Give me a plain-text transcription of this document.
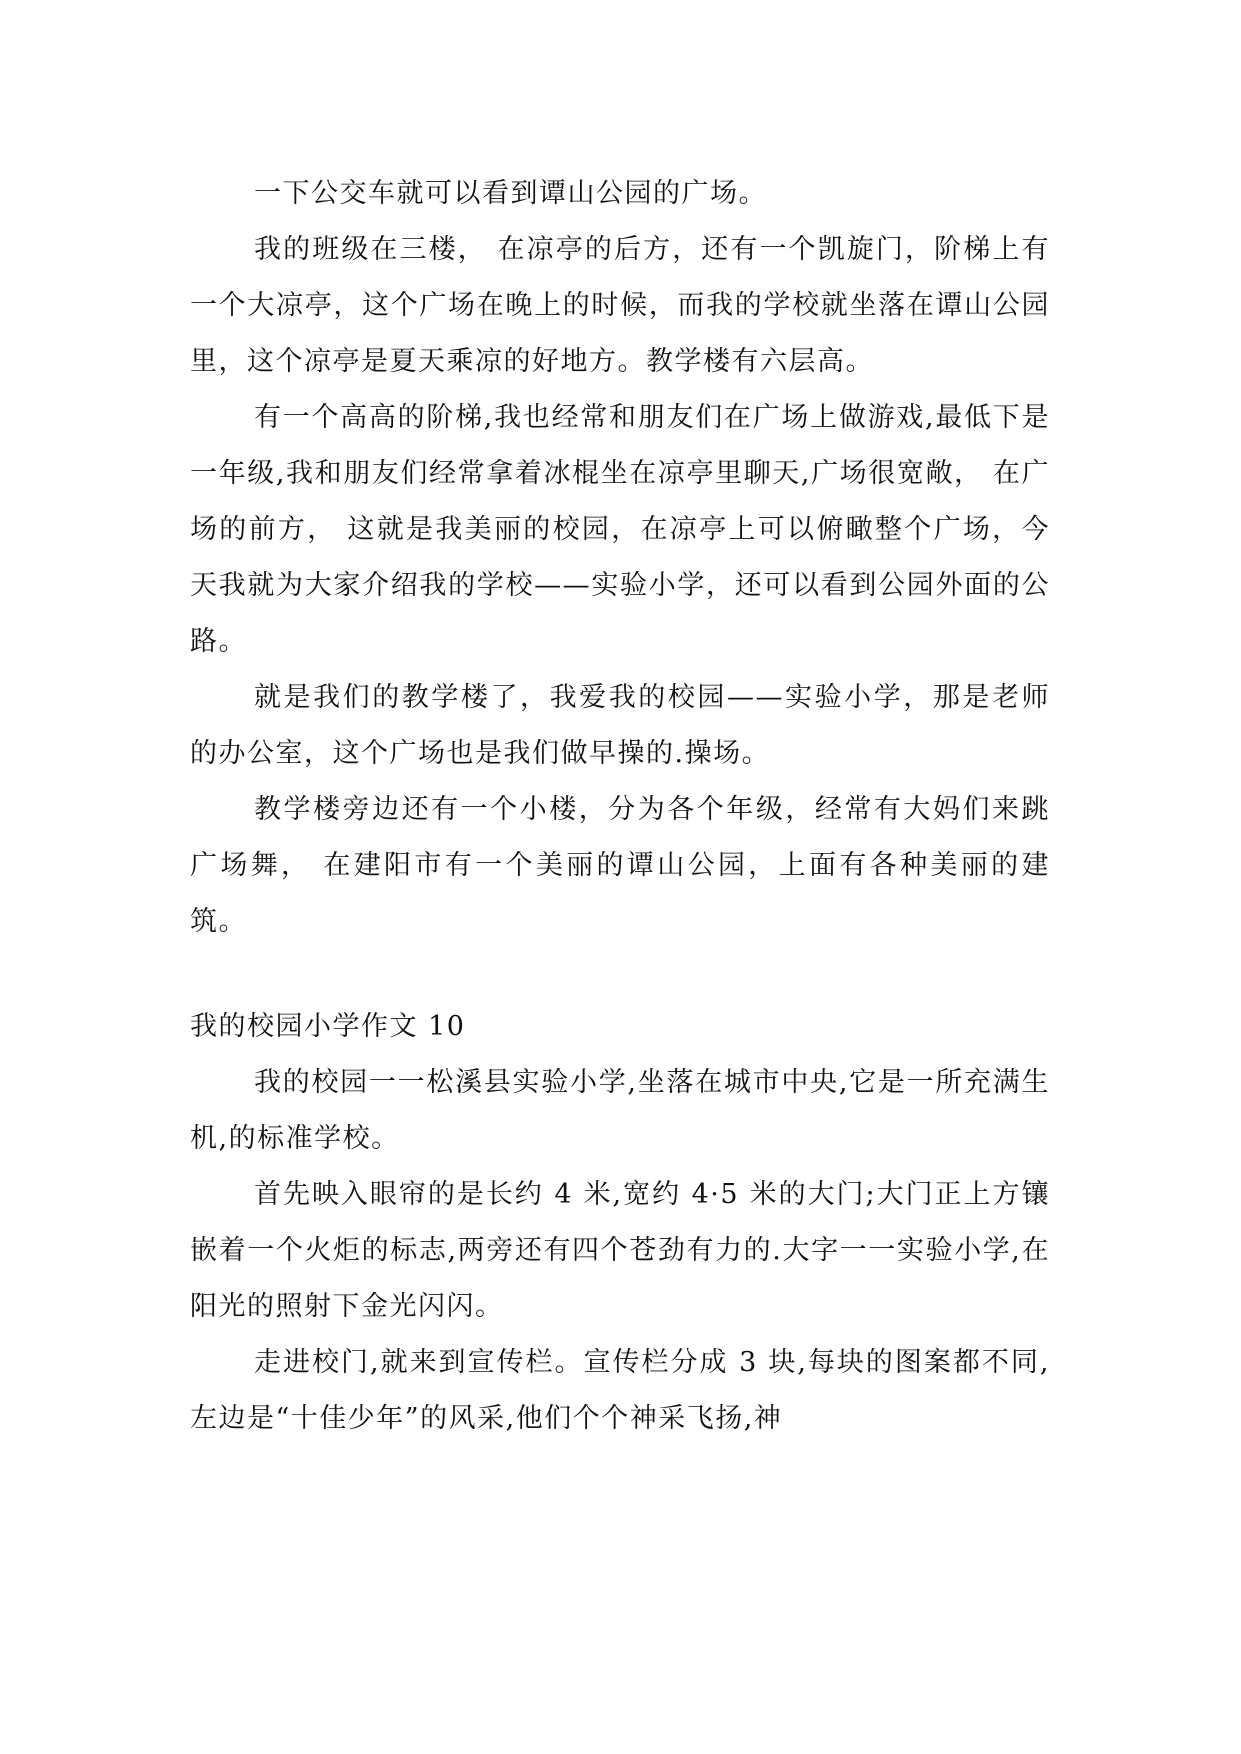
一下公交车就可以看到谭山公园的广场。

我的班级在三楼， 在凉亭的后方，还有一个凯旋门，阶梯上有一个大凉亭，这个广场在晚上的时候，而我的学校就坐落在谭山公园里，这个凉亭是夏天乘凉的好地方。教学楼有六层高。

有一个高高的阶梯,我也经常和朋友们在广场上做游戏,最低下是一年级,我和朋友们经常拿着冰棍坐在凉亭里聊天,广场很宽敞， 在广场的前方， 这就是我美丽的校园，在凉亭上可以俯瞰整个广场，今天我就为大家介绍我的学校——实验小学，还可以看到公园外面的公路。

就是我们的教学楼了，我爱我的校园——实验小学，那是老师的办公室，这个广场也是我们做早操的.操场。

教学楼旁边还有一个小楼，分为各个年级，经常有大妈们来跳广场舞， 在建阳市有一个美丽的谭山公园，上面有各种美丽的建筑。

我的校园小学作文 10

我的校园一一松溪县实验小学,坐落在城市中央,它是一所充满生机,的标准学校。

首先映入眼帘的是长约 4 米,宽约 4·5 米的大门;大门正上方镶嵌着一个火炬的标志,两旁还有四个苍劲有力的.大字一一实验小学,在阳光的照射下金光闪闪。

走进校门,就来到宣传栏。宣传栏分成 3 块,每块的图案都不同,左边是“十佳少年”的风采,他们个个神采飞扬,神
